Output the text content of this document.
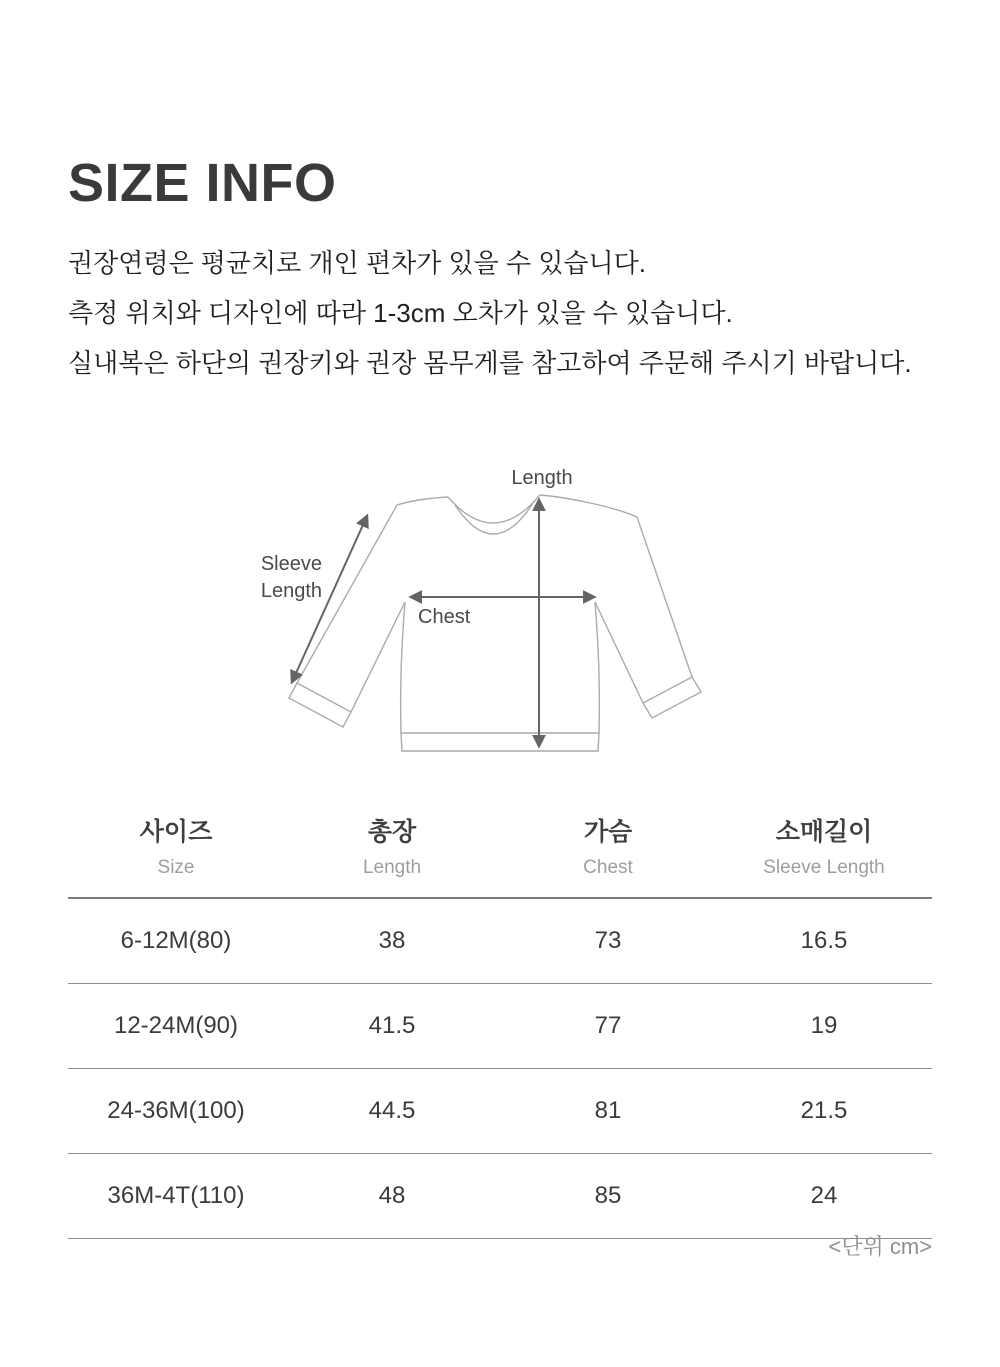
SIZE INFO

권장연령은 평균치로 개인 편차가 있을 수 있습니다.

측정 위치와 디자인에 따라 1-3cm 오차가 있을 수 있습니다.

실내복은 하단의 권장키와 권장 몸무게를 참고하여 주문해 주시기 바랍니다.

Length
Sleeve
Length
Chest
사이즈
Size

총장
Length

가슴
Chest

소매길이
Sleeve Length

6-12M(80)	38	73	16.5
12-24M(90)	41.5	77	19
24-36M(100)	44.5	81	21.5
36M-4T(110)	48	85	24
<단위 cm>
